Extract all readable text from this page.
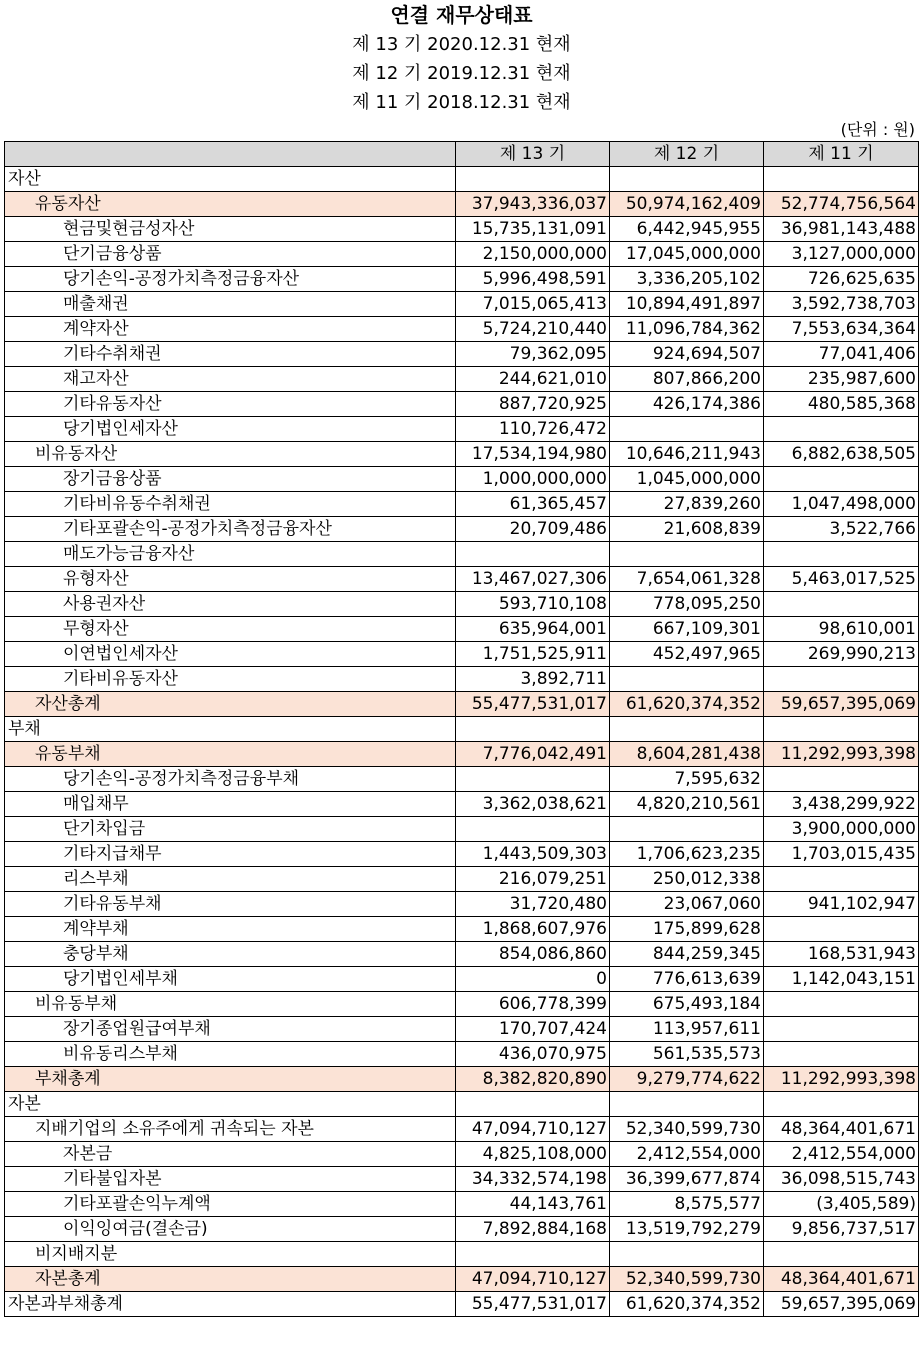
연결 재무상태표
제 13 기 2020.12.31 현재
제 12 기 2019.12.31 현재
제 11 기 2018.12.31 현재
(단위 : 원)
	제 13 기	제 12 기	제 11 기
자산			
유동자산	37,943,336,037	50,974,162,409	52,774,756,564
현금및현금성자산	15,735,131,091	6,442,945,955	36,981,143,488
단기금융상품	2,150,000,000	17,045,000,000	3,127,000,000
당기손익-공정가치측정금융자산	5,996,498,591	3,336,205,102	726,625,635
매출채권	7,015,065,413	10,894,491,897	3,592,738,703
계약자산	5,724,210,440	11,096,784,362	7,553,634,364
기타수취채권	79,362,095	924,694,507	77,041,406
재고자산	244,621,010	807,866,200	235,987,600
기타유동자산	887,720,925	426,174,386	480,585,368
당기법인세자산	110,726,472		
비유동자산	17,534,194,980	10,646,211,943	6,882,638,505
장기금융상품	1,000,000,000	1,045,000,000	
기타비유동수취채권	61,365,457	27,839,260	1,047,498,000
기타포괄손익-공정가치측정금융자산	20,709,486	21,608,839	3,522,766
매도가능금융자산			
유형자산	13,467,027,306	7,654,061,328	5,463,017,525
사용권자산	593,710,108	778,095,250	
무형자산	635,964,001	667,109,301	98,610,001
이연법인세자산	1,751,525,911	452,497,965	269,990,213
기타비유동자산	3,892,711		
자산총계	55,477,531,017	61,620,374,352	59,657,395,069
부채			
유동부채	7,776,042,491	8,604,281,438	11,292,993,398
당기손익-공정가치측정금융부채		7,595,632	
매입채무	3,362,038,621	4,820,210,561	3,438,299,922
단기차입금			3,900,000,000
기타지급채무	1,443,509,303	1,706,623,235	1,703,015,435
리스부채	216,079,251	250,012,338	
기타유동부채	31,720,480	23,067,060	941,102,947
계약부채	1,868,607,976	175,899,628	
충당부채	854,086,860	844,259,345	168,531,943
당기법인세부채	0	776,613,639	1,142,043,151
비유동부채	606,778,399	675,493,184	
장기종업원급여부채	170,707,424	113,957,611	
비유동리스부채	436,070,975	561,535,573	
부채총계	8,382,820,890	9,279,774,622	11,292,993,398
자본			
지배기업의 소유주에게 귀속되는 자본	47,094,710,127	52,340,599,730	48,364,401,671
자본금	4,825,108,000	2,412,554,000	2,412,554,000
기타불입자본	34,332,574,198	36,399,677,874	36,098,515,743
기타포괄손익누계액	44,143,761	8,575,577	(3,405,589)
이익잉여금(결손금)	7,892,884,168	13,519,792,279	9,856,737,517
비지배지분			
자본총계	47,094,710,127	52,340,599,730	48,364,401,671
자본과부채총계	55,477,531,017	61,620,374,352	59,657,395,069
